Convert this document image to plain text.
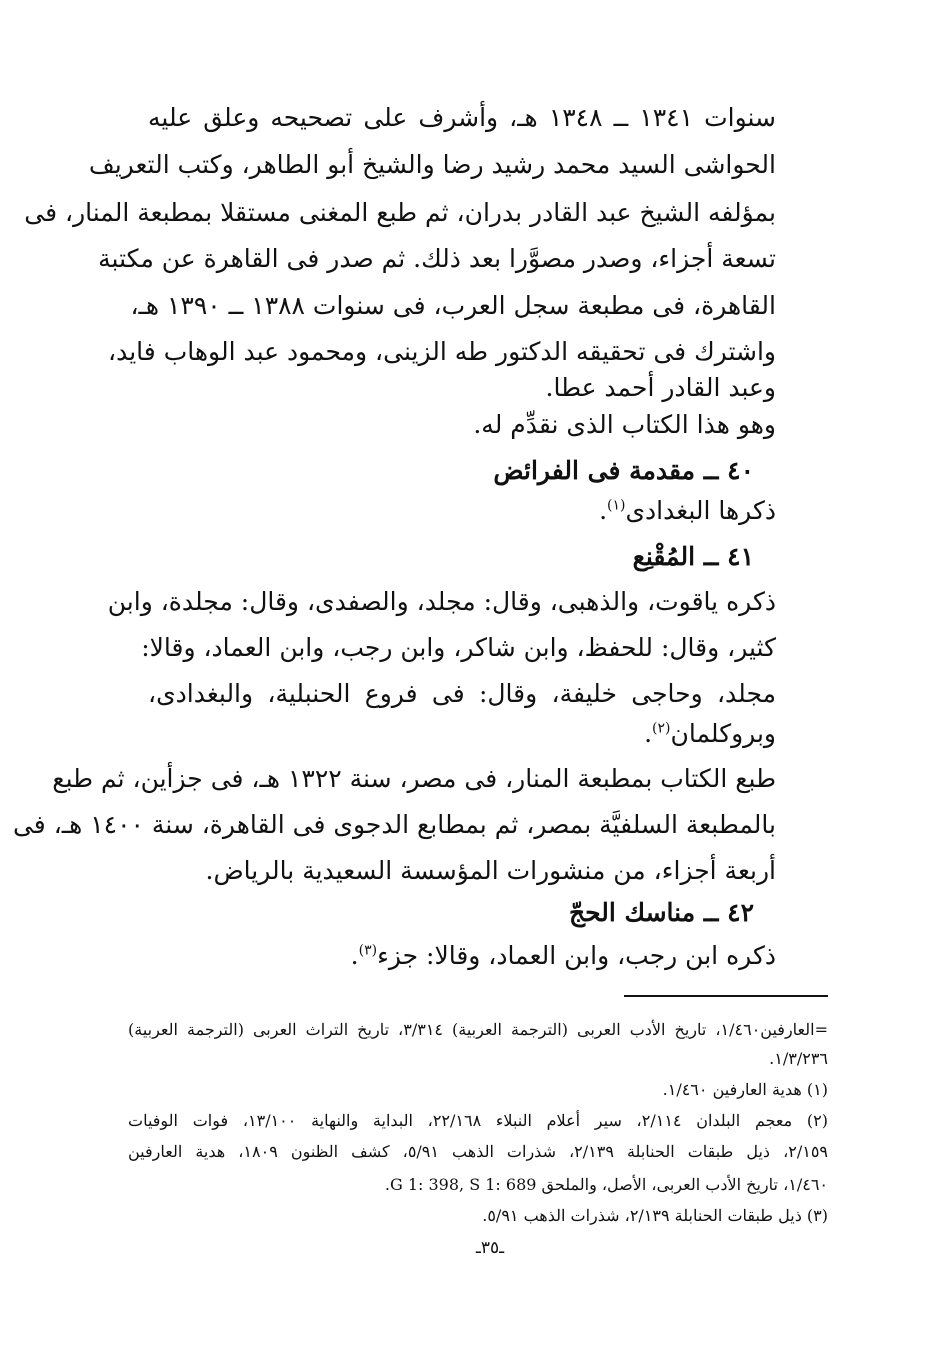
سنوات ١٣٤١ ــ ١٣٤٨ هـ، وأشرف على تصحيحه وعلق عليه
الحواشى السيد محمد رشيد رضا والشيخ أبو الطاهر، وكتب التعريف
بمؤلفه الشيخ عبد القادر بدران، ثم طبع المغنى مستقلا بمطبعة المنار، فى
تسعة أجزاء، وصدر مصوَّرا بعد ذلك. ثم صدر فى القاهرة عن مكتبة
القاهرة، فى مطبعة سجل العرب، فى سنوات ١٣٨٨ ــ ١٣٩٠ هـ،
واشترك فى تحقيقه الدكتور طه الزينى، ومحمود عبد الوهاب فايد،
وعبد القادر أحمد عطا.
وهو هذا الكتاب الذى نقدِّم له.
٤٠ ــ مقدمة فى الفرائض
ذكرها البغدادى$^{(١)}$.
٤١ ــ المُقْنِع
ذكره ياقوت، والذهبى، وقال: مجلد، والصفدى، وقال: مجلدة، وابن
كثير، وقال: للحفظ، وابن شاكر، وابن رجب، وابن العماد، وقالا:
مجلد، وحاجى خليفة، وقال: فى فروع الحنبلية، والبغدادى،
وبروكلمان$^{(٢)}$.
طبع الكتاب بمطبعة المنار، فى مصر، سنة ١٣٢٢ هـ، فى جزأين، ثم طبع
بالمطبعة السلفيَّة بمصر، ثم بمطابع الدجوى فى القاهرة، سنة ١٤٠٠ هـ، فى
أربعة أجزاء، من منشورات المؤسسة السعيدية بالرياض.
٤٢ ــ مناسك الحجّ
ذكره ابن رجب، وابن العماد، وقالا: جزء$^{(٣)}$.
=العارفين١/٤٦٠، تاريخ الأدب العربى (الترجمة العربية) ٣/٣١٤، تاريخ التراث العربى (الترجمة العربية)
١/٣/٢٣٦.
(١) هدية العارفين ١/٤٦٠.
(٢) معجم البلدان ٢/١١٤، سير أعلام النبلاء ٢٢/١٦٨، البداية والنهاية ١٣/١٠٠، فوات الوفيات
٢/١٥٩، ذيل طبقات الحنابلة ٢/١٣٩، شذرات الذهب ٥/٩١، كشف الظنون ١٨٠٩، هدية العارفين
١/٤٦٠، تاريخ الأدب العربى، الأصل، والملحق G 1: 398, S 1: 689.
(٣) ذيل طبقات الحنابلة ٢/١٣٩، شذرات الذهب ٥/٩١.
ـ٣٥ـ
